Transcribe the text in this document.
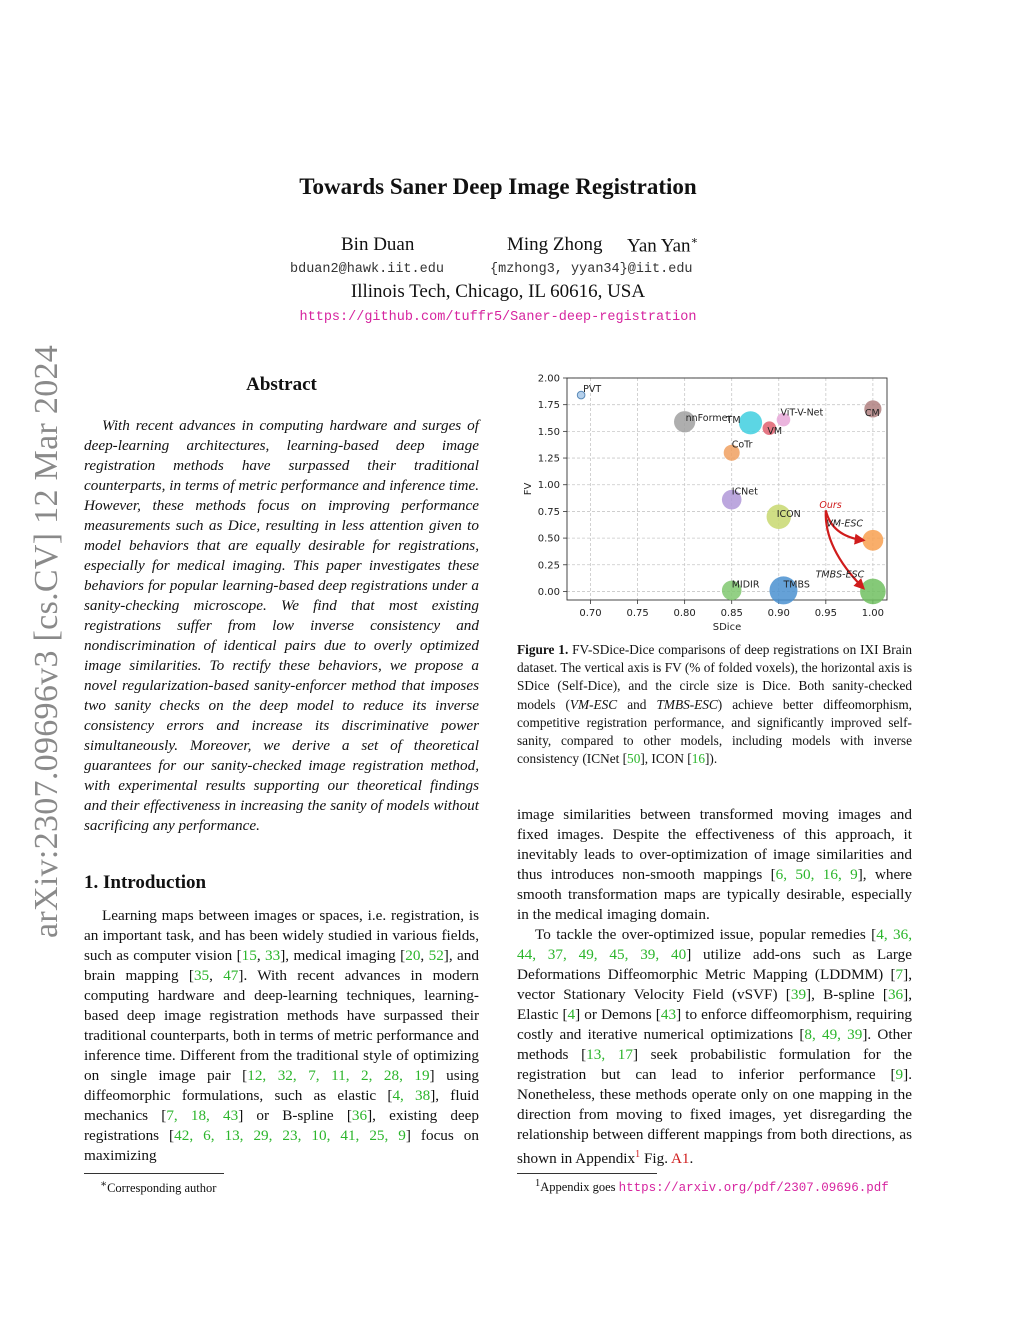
arXiv:2307.09696v3 [cs.CV] 12 Mar 2024
Towards Saner Deep Image Registration
Bin Duan	Ming Zhong Yan Yan∗
bduan2@hawk.iit.edu	{mzhong3, yyan34}@iit.edu
Illinois Tech, Chicago, IL 60616, USA
https://github.com/tuffr5/Saner-deep-registration
Abstract
With recent advances in computing hardware and surges of deep-learning architectures, learning-based deep image registration methods have surpassed their traditional counterparts, in terms of metric performance and inference time. However, these methods focus on improving performance measurements such as Dice, resulting in less attention given to model behaviors that are equally desirable for registrations, especially for medical imaging. This paper investigates these behaviors for popular learning-based deep registrations under a sanity-checking microscope. We find that most existing registrations suffer from low inverse consistency and nondiscrimination of identical pairs due to overly optimized image similarities. To rectify these behaviors, we propose a novel regularization-based sanity-enforcer method that imposes two sanity checks on the deep model to reduce its inverse consistency errors and increase its discriminative power simultaneously. Moreover, we derive a set of theoretical guarantees for our sanity-checked image registration method, with experimental results supporting our theoretical findings and their effectiveness in increasing the sanity of models without sacrificing any performance.
1. Introduction

Learning maps between images or spaces, i.e. registration, is an important task, and has been widely studied in various fields, such as computer vision [15, 33], medical imaging [20, 52], and brain mapping [35, 47]. With recent advances in modern computing hardware and deep-learning techniques, learning-based deep image registration methods have surpassed their traditional counterparts, both in terms of metric performance and inference time. Different from the traditional style of optimizing on single image pair [12, 32, 7, 11, 2, 28, 19] using diffeomorphic formulations, such as elastic [4, 38], fluid mechanics [7, 18, 43] or B-spline [36], existing deep registrations [42, 6, 13, 29, 23, 10, 41, 25, 9] focus on maximizing

∗Corresponding author
0.70 0.75 0.80 0.85 0.90 0.95 1.00
0.00
0.25
0.50
0.75
1.00
1.25
1.50
1.75
2.00
SDice
FV
PVT
nnFormer
TM
VM
ViT-V-Net	CM
CoTr
ICNet
ICON
MIDIR	TMBS
Ours
VM-ESC
TMBS-ESC
Figure 1. FV-SDice-Dice comparisons of deep registrations on IXI Brain dataset. The vertical axis is FV (% of folded voxels), the horizontal axis is SDice (Self-Dice), and the circle size is Dice. Both sanity-checked models (VM-ESC and TMBS-ESC) achieve better diffeomorphism, competitive registration performance, and significantly improved self-sanity, compared to other models, including models with inverse consistency (ICNet [50], ICON [16]).

image similarities between transformed moving images and fixed images. Despite the effectiveness of this approach, it inevitably leads to over-optimization of image similarities and thus introduces non-smooth mappings [6, 50, 16, 9], where smooth transformation maps are typically desirable, especially in the medical imaging domain.

To tackle the over-optimized issue, popular remedies [4, 36, 44, 37, 49, 45, 39, 40] utilize add-ons such as Large Deformations Diffeomorphic Metric Mapping (LDDMM) [7], vector Stationary Velocity Field (vSVF) [39], B-spline [36], Elastic [4] or Demons [43] to enforce diffeomorphism, requiring costly and iterative numerical optimizations [8, 49, 39]. Other methods [13, 17] seek probabilistic formulation for the registration but can lead to inferior performance [9]. Nonetheless, these methods operate only on one mapping in the direction from moving to fixed images, yet disregarding the relationship between different mappings from both directions, as shown in Appendix$^1$ Fig. A1.

$^1$Appendix goes https://arxiv.org/pdf/2307.09696.pdf
